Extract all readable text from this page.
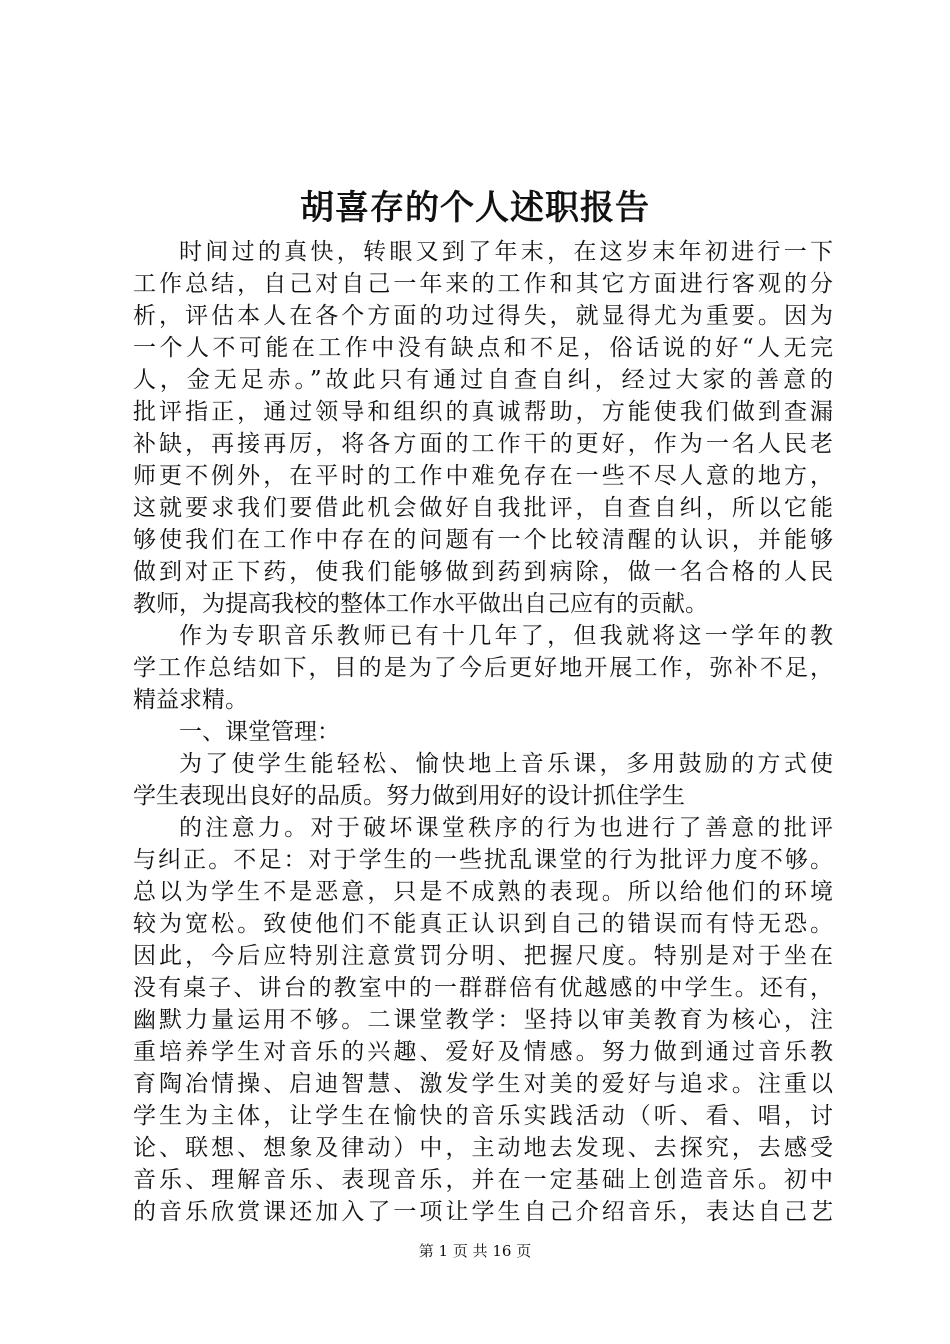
胡喜存的个人述职报告
时间过的真快，转眼又到了年末，在这岁末年初进行一下
工作总结，自己对自己一年来的工作和其它方面进行客观的分
析，评估本人在各个方面的功过得失，就显得尤为重要。因为
一个人不可能在工作中没有缺点和不足，俗话说的好“人无完
人，金无足赤。”故此只有通过自查自纠，经过大家的善意的
批评指正，通过领导和组织的真诚帮助，方能使我们做到查漏
补缺，再接再厉，将各方面的工作干的更好，作为一名人民老
师更不例外，在平时的工作中难免存在一些不尽人意的地方，
这就要求我们要借此机会做好自我批评，自查自纠，所以它能
够使我们在工作中存在的问题有一个比较清醒的认识，并能够
做到对正下药，使我们能够做到药到病除，做一名合格的人民
教师，为提高我校的整体工作水平做出自己应有的贡献。
作为专职音乐教师已有十几年了，但我就将这一学年的教
学工作总结如下，目的是为了今后更好地开展工作，弥补不足，
精益求精。
一、课堂管理：
为了使学生能轻松、愉快地上音乐课，多用鼓励的方式使
学生表现出良好的品质。努力做到用好的设计抓住学生
的注意力。对于破坏课堂秩序的行为也进行了善意的批评
与纠正。不足：对于学生的一些扰乱课堂的行为批评力度不够。
总以为学生不是恶意，只是不成熟的表现。所以给他们的环境
较为宽松。致使他们不能真正认识到自己的错误而有恃无恐。
因此，今后应特别注意赏罚分明、把握尺度。特别是对于坐在
没有桌子、讲台的教室中的一群群倍有优越感的中学生。还有，
幽默力量运用不够。二课堂教学：坚持以审美教育为核心，注
重培养学生对音乐的兴趣、爱好及情感。努力做到通过音乐教
育陶冶情操、启迪智慧、激发学生对美的爱好与追求。注重以
学生为主体，让学生在愉快的音乐实践活动（听、看、唱，讨
论、联想、想象及律动）中，主动地去发现、去探究，去感受
音乐、理解音乐、表现音乐，并在一定基础上创造音乐。初中
的音乐欣赏课还加入了一项让学生自己介绍音乐，表达自己艺
第 1 页 共 16 页
